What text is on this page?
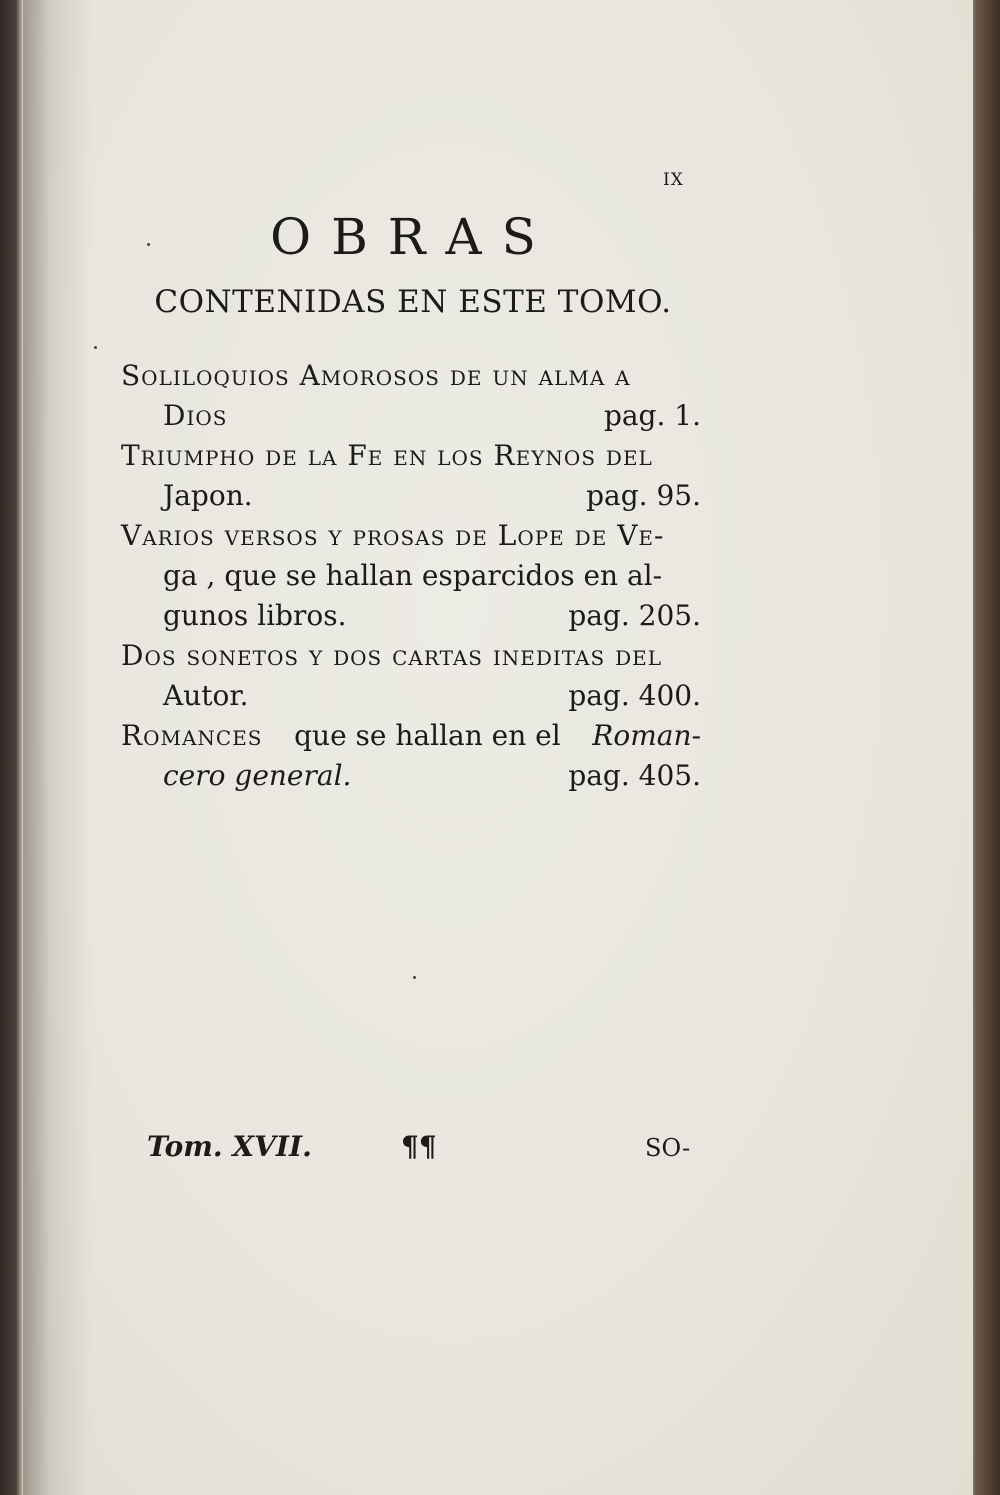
IX
OBRAS
CONTENIDAS EN ESTE TOMO.
Soliloquios Amorosos de un alma a
Dios	pag. 1.
Triumpho de la Fe en los Reynos del
Japon.	pag. 95.
Varios versos y prosas de Lope de Ve-
ga , que se hallan esparcidos en al-
gunos libros.	pag. 205.
Dos sonetos y dos cartas ineditas del
Autor.	pag. 400.
Romances que se hallan en el Roman-
cero general.	pag. 405.
Tom. XVII.	¶¶	SO-
